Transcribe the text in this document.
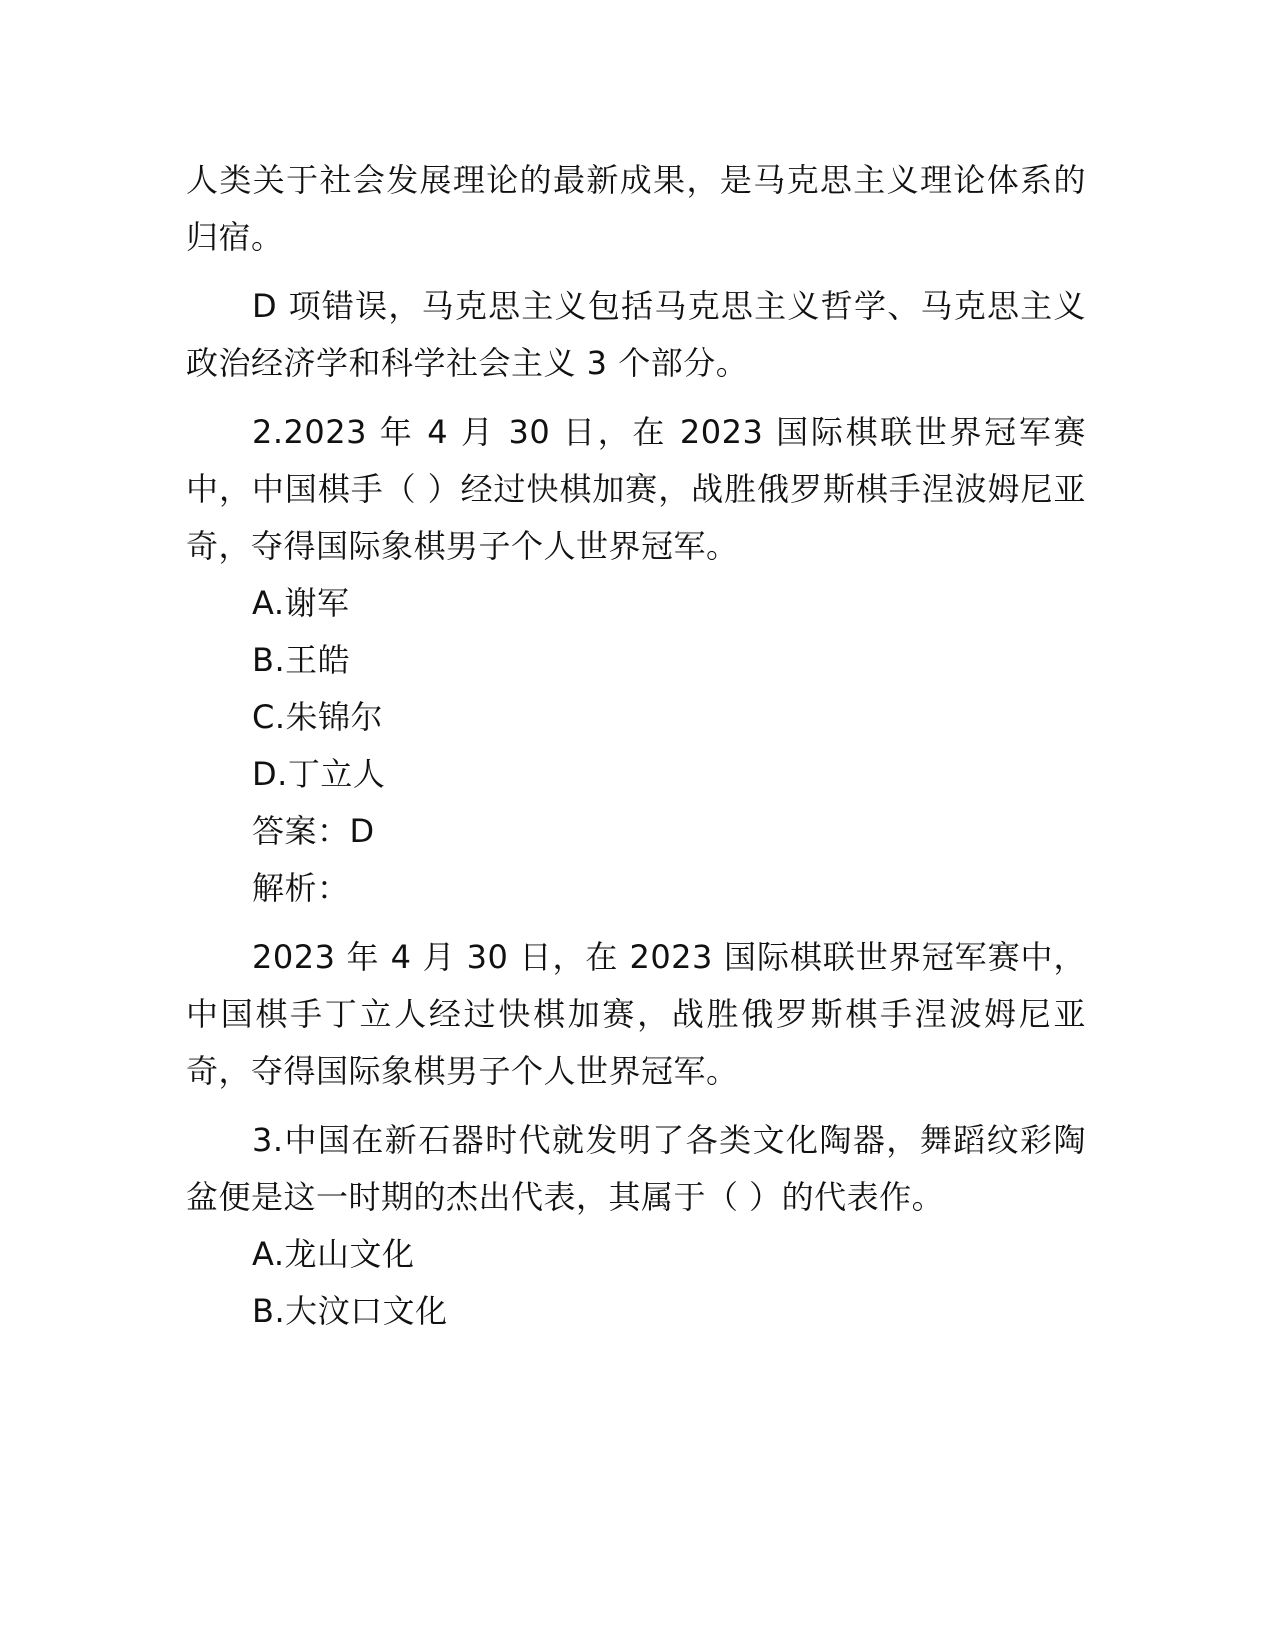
人类关于社会发展理论的最新成果，是马克思主义理论体系的归宿。

D 项错误，马克思主义包括马克思主义哲学、马克思主义政治经济学和科学社会主义 3 个部分。

2.2023 年 4 月 30 日，在 2023 国际棋联世界冠军赛中，中国棋手（ ）经过快棋加赛，战胜俄罗斯棋手涅波姆尼亚奇，夺得国际象棋男子个人世界冠军。

A.谢军

B.王皓

C.朱锦尔

D.丁立人

答案：D

解析：

2023 年 4 月 30 日，在 2023 国际棋联世界冠军赛中，中国棋手丁立人经过快棋加赛，战胜俄罗斯棋手涅波姆尼亚奇，夺得国际象棋男子个人世界冠军。

3.中国在新石器时代就发明了各类文化陶器，舞蹈纹彩陶盆便是这一时期的杰出代表，其属于（ ）的代表作。

A.龙山文化

B.大汶口文化
